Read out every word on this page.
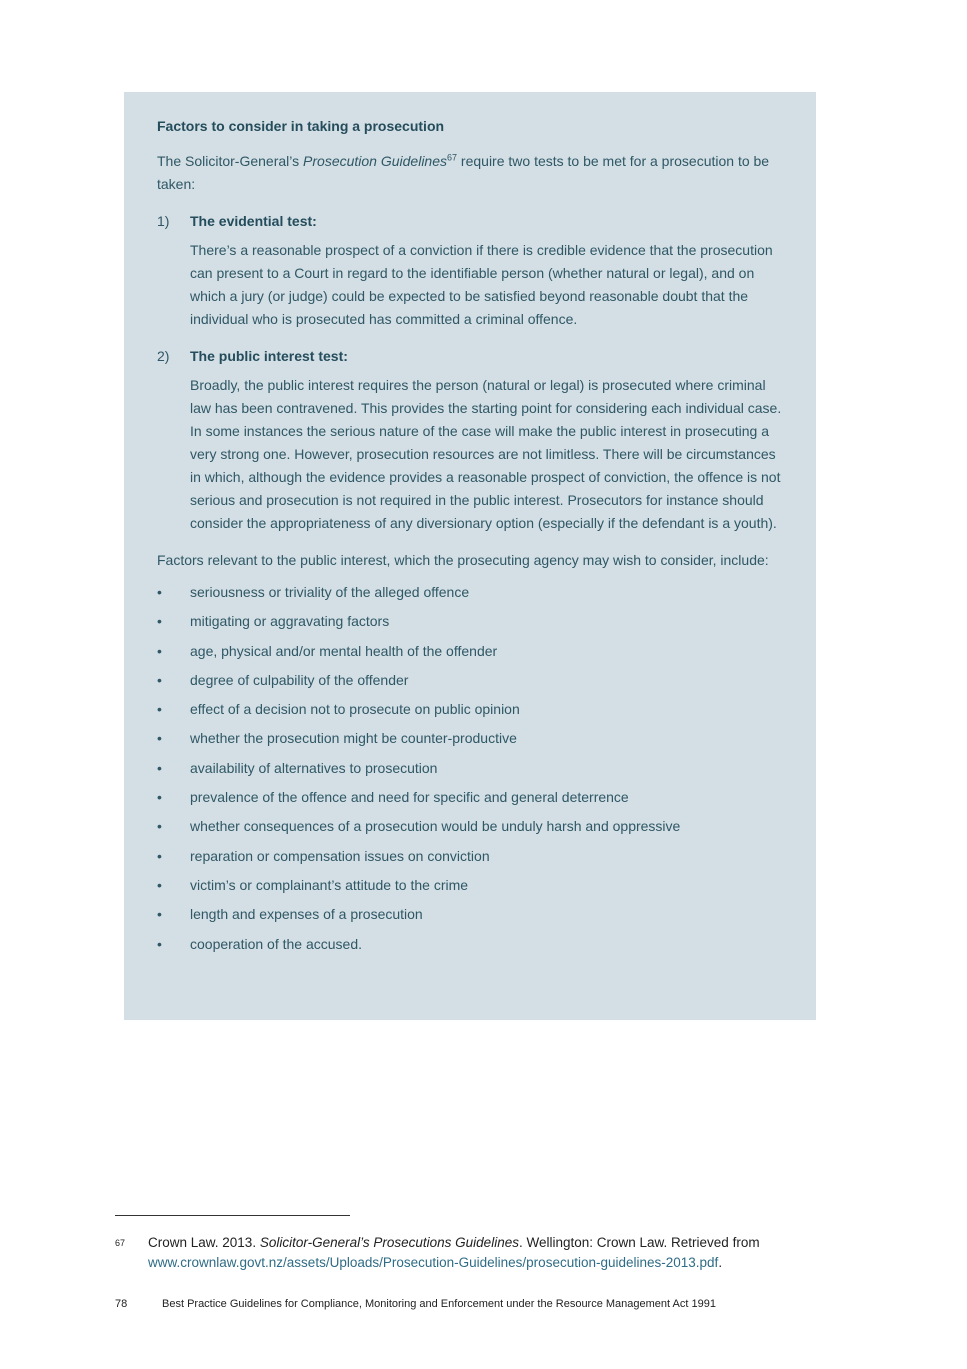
Factors to consider in taking a prosecution

The Solicitor-General’s Prosecution Guidelines$^{67}$ require two tests to be met for a prosecution to be taken:

1) The evidential test:

There’s a reasonable prospect of a conviction if there is credible evidence that the prosecution can present to a Court in regard to the identifiable person (whether natural or legal), and on which a jury (or judge) could be expected to be satisfied beyond reasonable doubt that the individual who is prosecuted has committed a criminal offence.

2) The public interest test:

Broadly, the public interest requires the person (natural or legal) is prosecuted where criminal law has been contravened. This provides the starting point for considering each individual case. In some instances the serious nature of the case will make the public interest in prosecuting a very strong one. However, prosecution resources are not limitless. There will be circumstances in which, although the evidence provides a reasonable prospect of conviction, the offence is not serious and prosecution is not required in the public interest. Prosecutors for instance should consider the appropriateness of any diversionary option (especially if the defendant is a youth).

Factors relevant to the public interest, which the prosecuting agency may wish to consider, include:

• seriousness or triviality of the alleged offence
• mitigating or aggravating factors
• age, physical and/or mental health of the offender
• degree of culpability of the offender
• effect of a decision not to prosecute on public opinion
• whether the prosecution might be counter-productive
• availability of alternatives to prosecution
• prevalence of the offence and need for specific and general deterrence
• whether consequences of a prosecution would be unduly harsh and oppressive
• reparation or compensation issues on conviction
• victim’s or complainant’s attitude to the crime
• length and expenses of a prosecution
• cooperation of the accused.
67 Crown Law. 2013. Solicitor-General’s Prosecutions Guidelines. Wellington: Crown Law. Retrieved from www.crownlaw.govt.nz/assets/Uploads/Prosecution-Guidelines/prosecution-guidelines-2013.pdf.
78	Best Practice Guidelines for Compliance, Monitoring and Enforcement under the Resource Management Act 1991
